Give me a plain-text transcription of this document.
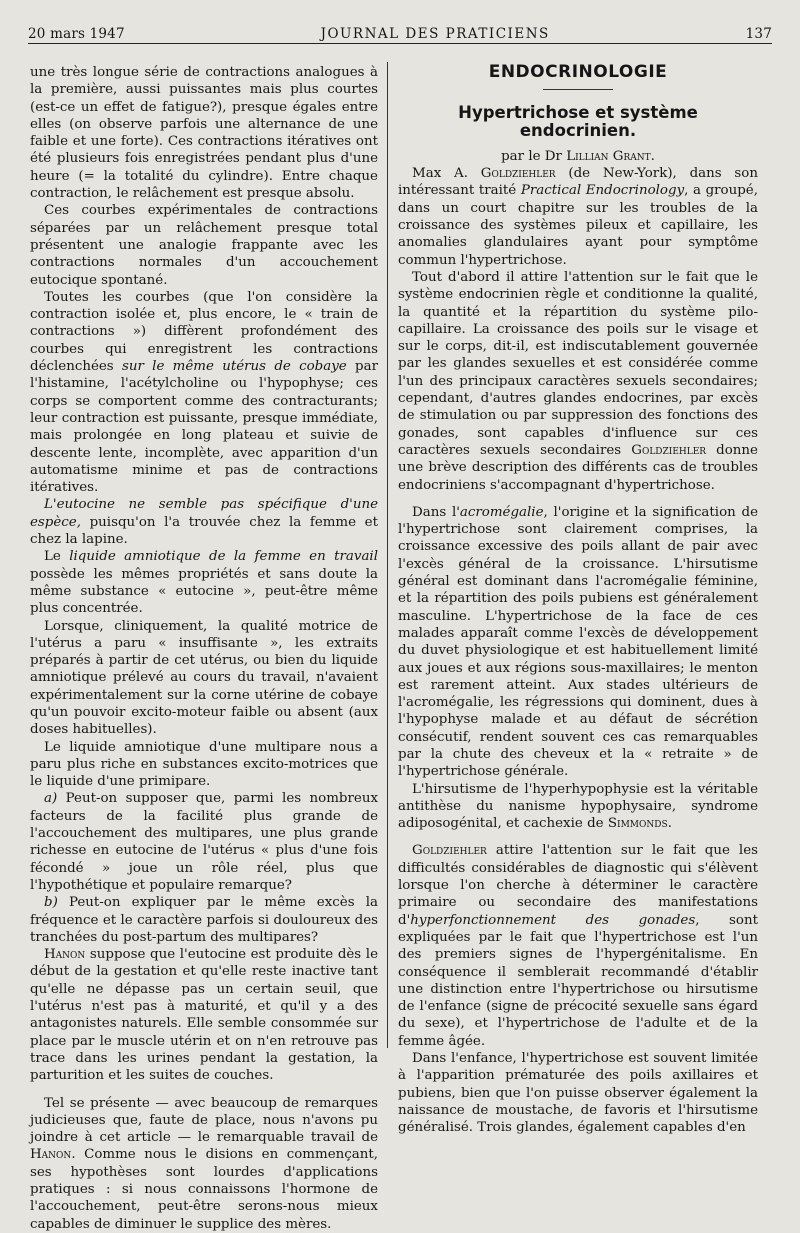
20 mars 1947	JOURNAL DES PRATICIENS	137

une très longue série de contractions analogues à la première, aussi puissantes mais plus courtes (est-ce un effet de fatigue?), presque égales entre elles (on observe parfois une alternance de une faible et une forte). Ces contractions itératives ont été plusieurs fois enregistrées pendant plus d'une heure (= la totalité du cylindre). Entre chaque contraction, le relâchement est presque absolu.

Ces courbes expérimentales de contractions séparées par un relâchement presque total présentent une analogie frappante avec les contractions normales d'un accouchement eutocique spontané.

Toutes les courbes (que l'on considère la contraction isolée et, plus encore, le « train de contractions ») diffèrent profondément des courbes qui enregistrent les contractions déclenchées sur le même utérus de cobaye par l'histamine, l'acétylcholine ou l'hypophyse; ces corps se comportent comme des contracturants; leur contraction est puissante, presque immédiate, mais prolongée en long plateau et suivie de descente lente, incomplète, avec apparition d'un automatisme minime et pas de contractions itératives.

L'eutocine ne semble pas spécifique d'une espèce, puisqu'on l'a trouvée chez la femme et chez la lapine.

Le liquide amniotique de la femme en travail possède les mêmes propriétés et sans doute la même substance « eutocine », peut-être même plus concentrée.

Lorsque, cliniquement, la qualité motrice de l'utérus a paru « insuffisante », les extraits préparés à partir de cet utérus, ou bien du liquide amniotique prélevé au cours du travail, n'avaient expérimentalement sur la corne utérine de cobaye qu'un pouvoir excito-moteur faible ou absent (aux doses habituelles).

Le liquide amniotique d'une multipare nous a paru plus riche en substances excito-motrices que le liquide d'une primipare.

a) Peut-on supposer que, parmi les nombreux facteurs de la facilité plus grande de l'accouchement des multipares, une plus grande richesse en eutocine de l'utérus « plus d'une fois fécondé » joue un rôle réel, plus que l'hypothétique et populaire remarque?

b) Peut-on expliquer par le même excès la fréquence et le caractère parfois si douloureux des tranchées du post-partum des multipares?

Hanon suppose que l'eutocine est produite dès le début de la gestation et qu'elle reste inactive tant qu'elle ne dépasse pas un certain seuil, que l'utérus n'est pas à maturité, et qu'il y a des antagonistes naturels. Elle semble consommée sur place par le muscle utérin et on n'en retrouve pas trace dans les urines pendant la gestation, la parturition et les suites de couches.

Tel se présente — avec beaucoup de remarques judicieuses que, faute de place, nous n'avons pu joindre à cet article — le remarquable travail de Hanon. Comme nous le disions en commençant, ses hypothèses sont lourdes d'applications pratiques : si nous connaissons l'hormone de l'accouchement, peut-être serons-nous mieux capables de diminuer le supplice des mères.

ENDOCRINOLOGIE
Hypertrichose et système endocrinien.

par le Dr Lillian Grant.

Max A. Goldziehler (de New-York), dans son intéressant traité Practical Endocrinology, a groupé, dans un court chapitre sur les troubles de la croissance des systèmes pileux et capillaire, les anomalies glandulaires ayant pour symptôme commun l'hypertrichose.

Tout d'abord il attire l'attention sur le fait que le système endocrinien règle et conditionne la qualité, la quantité et la répartition du système pilo-capillaire. La croissance des poils sur le visage et sur le corps, dit-il, est indiscutablement gouvernée par les glandes sexuelles et est considérée comme l'un des principaux caractères sexuels secondaires; cependant, d'autres glandes endocrines, par excès de stimulation ou par suppression des fonctions des gonades, sont capables d'influence sur ces caractères sexuels secondaires Goldziehler donne une brève description des différents cas de troubles endocriniens s'accompagnant d'hypertrichose.

Dans l'acromégalie, l'origine et la signification de l'hypertrichose sont clairement comprises, la croissance excessive des poils allant de pair avec l'excès général de la croissance. L'hirsutisme général est dominant dans l'acromégalie féminine, et la répartition des poils pubiens est généralement masculine. L'hypertrichose de la face de ces malades apparaît comme l'excès de développement du duvet physiologique et est habituellement limité aux joues et aux régions sous-maxillaires; le menton est rarement atteint. Aux stades ultérieurs de l'acromégalie, les régressions qui dominent, dues à l'hypophyse malade et au défaut de sécrétion consécutif, rendent souvent ces cas remarquables par la chute des cheveux et la « retraite » de l'hypertrichose générale.

L'hirsutisme de l'hyperhypophysie est la véritable antithèse du nanisme hypophysaire, syndrome adiposogénital, et cachexie de Simmonds.

Goldziehler attire l'attention sur le fait que les difficultés considérables de diagnostic qui s'élèvent lorsque l'on cherche à déterminer le caractère primaire ou secondaire des manifestations d'hyperfonctionnement des gonades, sont expliquées par le fait que l'hypertrichose est l'un des premiers signes de l'hypergénitalisme. En conséquence il semblerait recommandé d'établir une distinction entre l'hypertrichose ou hirsutisme de l'enfance (signe de précocité sexuelle sans égard du sexe), et l'hypertrichose de l'adulte et de la femme âgée.

Dans l'enfance, l'hypertrichose est souvent limitée à l'apparition prématurée des poils axillaires et pubiens, bien que l'on puisse observer également la naissance de moustache, de favoris et l'hirsutisme généralisé. Trois glandes, également capables d'en
